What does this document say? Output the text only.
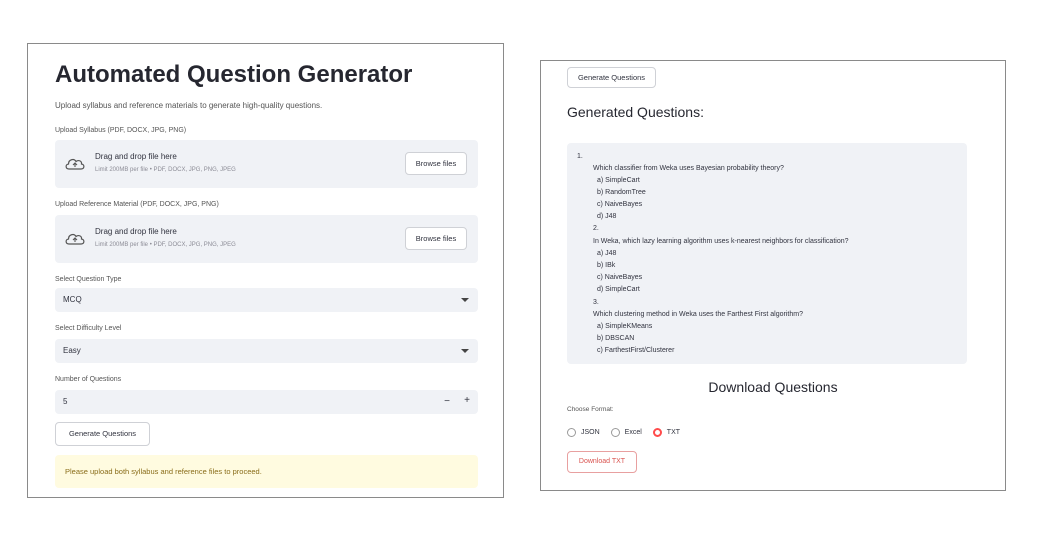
Automated Question Generator
Upload syllabus and reference materials to generate high-quality questions.
Upload Syllabus (PDF, DOCX, JPG, PNG)
Drag and drop file here
Limit 200MB per file • PDF, DOCX, JPG, PNG, JPEG
Browse files
Upload Reference Material (PDF, DOCX, JPG, PNG)
Drag and drop file here
Limit 200MB per file • PDF, DOCX, JPG, PNG, JPEG
Browse files
Select Question Type
MCQ
Select Difficulty Level
Easy
Number of Questions
5	− +
Generate Questions
Please upload both syllabus and reference files to proceed.
Generate Questions
Generated Questions:
1.
Which classifier from Weka uses Bayesian probability theory?
a) SimpleCart
b) RandomTree
c) NaiveBayes
d) J48
2.
In Weka, which lazy learning algorithm uses k-nearest neighbors for classification?
a) J48
b) IBk
c) NaiveBayes
d) SimpleCart
3.
Which clustering method in Weka uses the Farthest First algorithm?
a) SimpleKMeans
b) DBSCAN
c) FarthestFirst/Clusterer
Download Questions
Choose Format:
JSON	Excel	TXT
Download TXT
